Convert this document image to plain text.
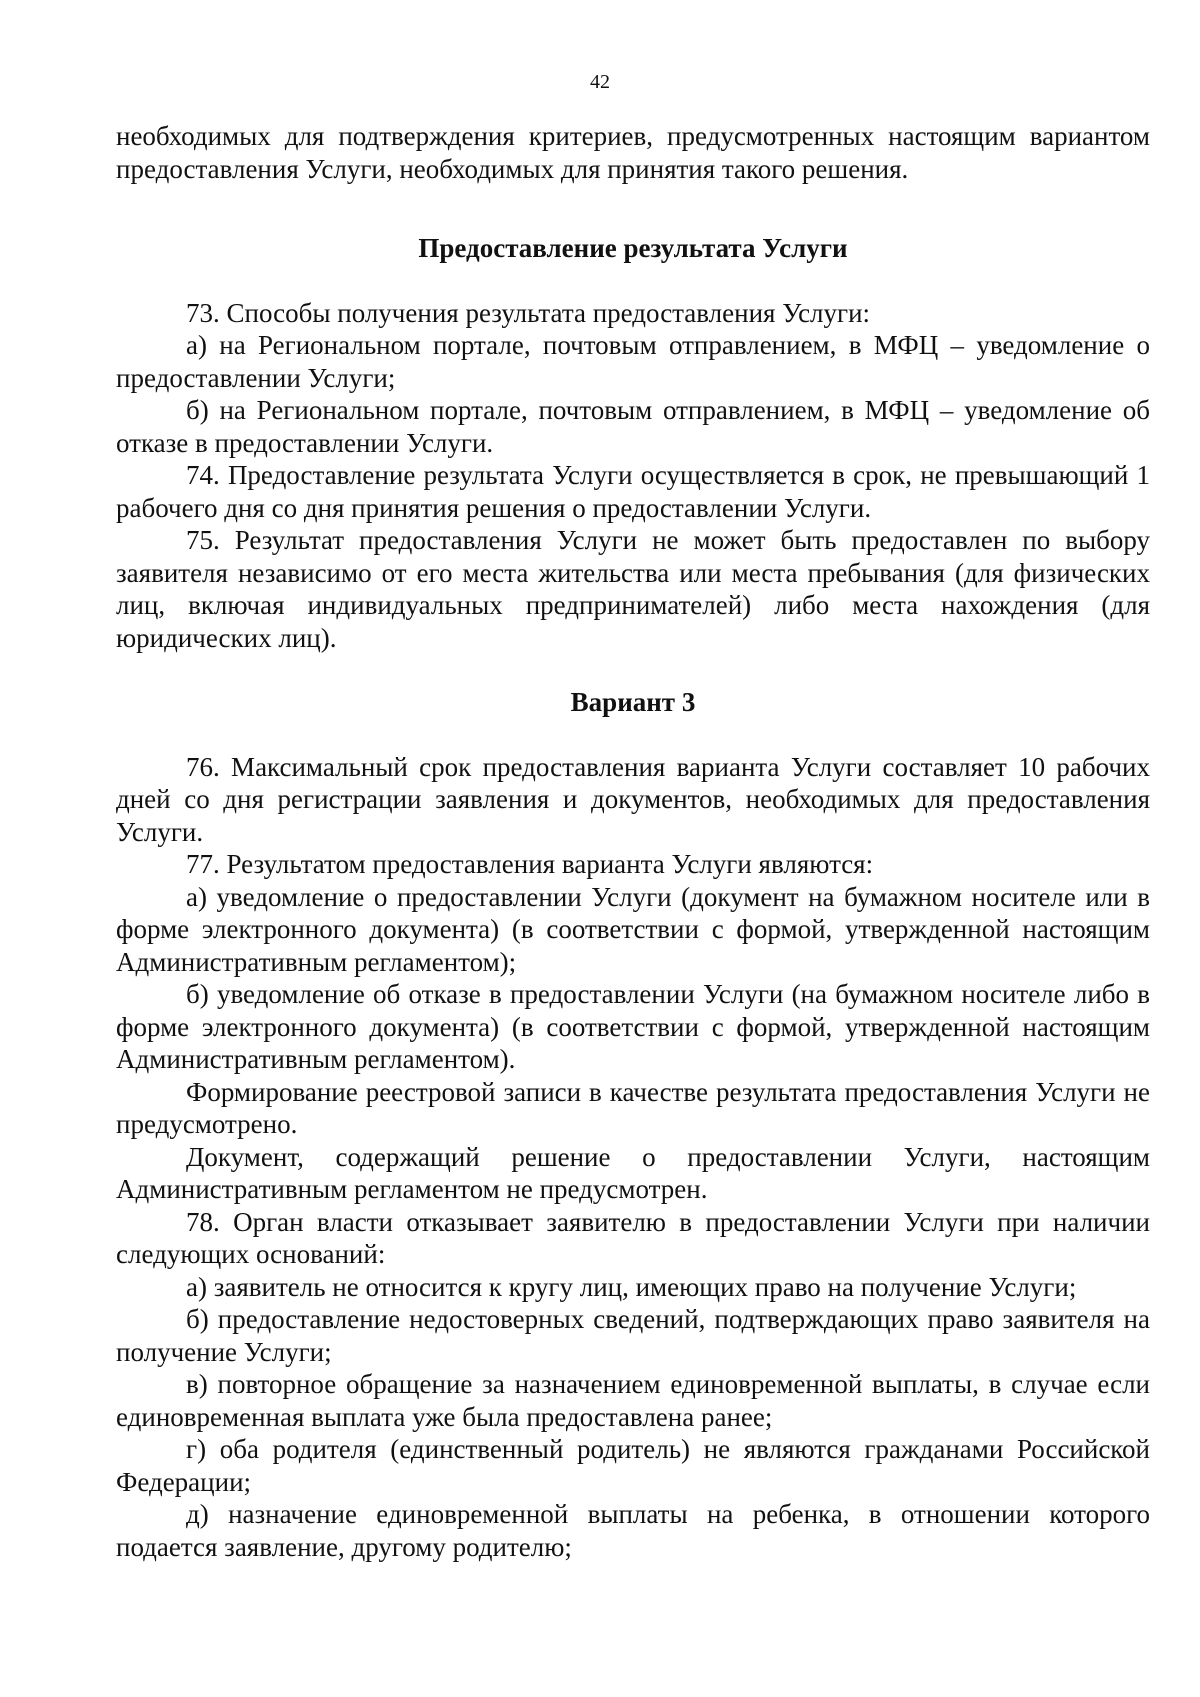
42

необходимых для подтверждения критериев, предусмотренных настоящим вариантом предоставления Услуги, необходимых для принятия такого решения.

Предоставление результата Услуги

73. Способы получения результата предоставления Услуги:

а) на Региональном портале, почтовым отправлением, в МФЦ – уведомление о предоставлении Услуги;

б) на Региональном портале, почтовым отправлением, в МФЦ – уведомление об отказе в предоставлении Услуги.

74. Предоставление результата Услуги осуществляется в срок, не превышающий 1 рабочего дня со дня принятия решения о предоставлении Услуги.

75. Результат предоставления Услуги не может быть предоставлен по выбору заявителя независимо от его места жительства или места пребывания (для физических лиц, включая индивидуальных предпринимателей) либо места нахождения (для юридических лиц).

Вариант 3

76. Максимальный срок предоставления варианта Услуги составляет 10 рабочих дней со дня регистрации заявления и документов, необходимых для предоставления Услуги.

77. Результатом предоставления варианта Услуги являются:

а) уведомление о предоставлении Услуги (документ на бумажном носителе или в форме электронного документа) (в соответствии с формой, утвержденной настоящим Административным регламентом);

б) уведомление об отказе в предоставлении Услуги (на бумажном носителе либо в форме электронного документа) (в соответствии с формой, утвержденной настоящим Административным регламентом).

Формирование реестровой записи в качестве результата предоставления Услуги не предусмотрено.

Документ, содержащий решение о предоставлении Услуги, настоящим Административным регламентом не предусмотрен.

78. Орган власти отказывает заявителю в предоставлении Услуги при наличии следующих оснований:

а) заявитель не относится к кругу лиц, имеющих право на получение Услуги;

б) предоставление недостоверных сведений, подтверждающих право заявителя на получение Услуги;

в) повторное обращение за назначением единовременной выплаты, в случае если единовременная выплата уже была предоставлена ранее;

г) оба родителя (единственный родитель) не являются гражданами Российской Федерации;

д) назначение единовременной выплаты на ребенка, в отношении которого подается заявление, другому родителю;
